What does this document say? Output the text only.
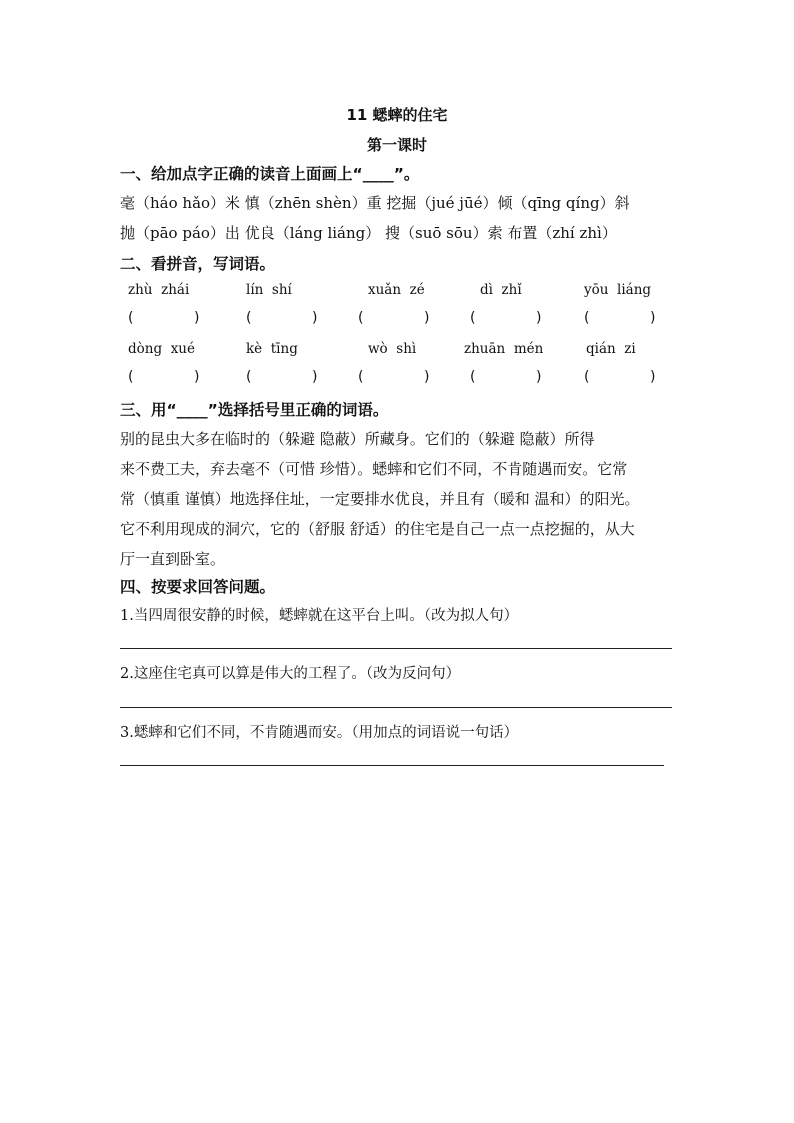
11 蟋蟀的住宅
第一课时
一、给加点字正确的读音上面画上“____”。
毫（háo hǎo）米 慎（zhēn shèn）重 挖掘（jué jūé）倾（qīng qíng）斜
抛（pāo páo）出 优良（láng liáng） 搜（suō sōu）索 布置（zhí zhì）
二、看拼音，写词语。
zhù  zhái	lín  shí	xuǎn  zé	dì  zhǐ	yōu  liáng
(	)	(	)	(	)	(	)	(	)
dòng  xué	kè  tīng	wò  shì	zhuān  mén	qián  zi
(	)	(	)	(	)	(	)	(	)
三、用“____”选择括号里正确的词语。
别的昆虫大多在临时的（躲避 隐蔽）所藏身。它们的（躲避 隐蔽）所得
来不费工夫，弃去毫不（可惜 珍惜）。蟋蟀和它们不同，不肯随遇而安。它常
常（慎重 谨慎）地选择住址，一定要排水优良，并且有（暖和 温和）的阳光。
它不利用现成的洞穴，它的（舒服 舒适）的住宅是自己一点一点挖掘的，从大
厅一直到卧室。
四、按要求回答问题。
1.当四周很安静的时候，蟋蟀就在这平台上叫。（改为拟人句）
2.这座住宅真可以算是伟大的工程了。（改为反问句）
3.蟋蟀和它们不同，不肯随遇而安。（用加点的词语说一句话）
